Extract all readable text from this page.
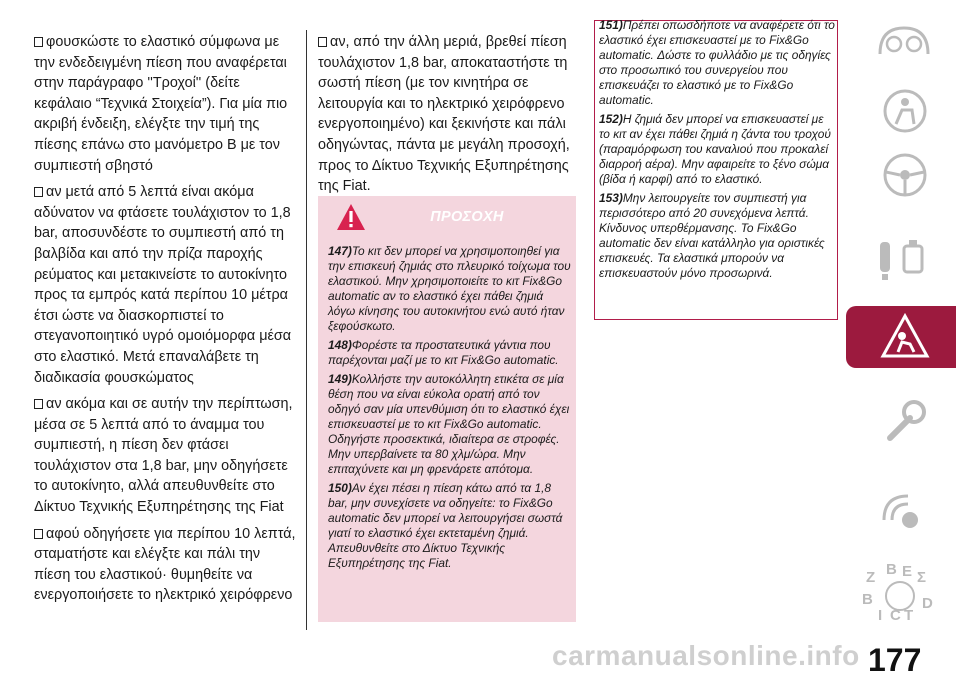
φουσκώστε το ελαστικό σύμφωνα με την ενδεδειγμένη πίεση που αναφέρεται στην παράγραφο ''Τροχοί'' (δείτε κεφάλαιο “Τεχνικά Στοιχεία”). Για μία πιο ακριβή ένδειξη, ελέγξτε την τιμή της πίεσης επάνω στο μανόμετρο B με τον συμπιεστή σβηστό

αν μετά από 5 λεπτά είναι ακόμα αδύνατον να φτάσετε τουλάχιστον το 1,8 bar, αποσυνδέστε το συμπιεστή από τη βαλβίδα και από την πρίζα παροχής ρεύματος και μετακινείστε το αυτοκίνητο προς τα εμπρός κατά περίπου 10 μέτρα έτσι ώστε να διασκορπιστεί το στεγανοποιητικό υγρό ομοιόμορφα μέσα στο ελαστικό. Μετά επαναλάβετε τη διαδικασία φουσκώματος

αν ακόμα και σε αυτήν την περίπτωση, μέσα σε 5 λεπτά από το άναμμα του συμπιεστή, η πίεση δεν φτάσει τουλάχιστον στα 1,8 bar, μην οδηγήσετε το αυτοκίνητο, αλλά απευθυνθείτε στο Δίκτυο Τεχνικής Εξυπηρέτησης της Fiat

αφού οδηγήσετε για περίπου 10 λεπτά, σταματήστε και ελέγξτε και πάλι την πίεση του ελαστικού· θυμηθείτε να ενεργοποιήσετε το ηλεκτρικό χειρόφρενο

αν, από την άλλη μεριά, βρεθεί πίεση τουλάχιστον 1,8 bar, αποκαταστήστε τη σωστή πίεση (με τον κινητήρα σε λειτουργία και το ηλεκτρικό χειρόφρενο ενεργοποιημένο) και ξεκινήστε και πάλι οδηγώντας, πάντα με μεγάλη προσοχή, προς το Δίκτυο Τεχνικής Εξυπηρέτησης της Fiat.

ΠΡΟΣΟΧΗ

147)Το κιτ δεν μπορεί να χρησιμοποιηθεί για την επισκευή ζημιάς στο πλευρικό τοίχωμα του ελαστικού. Μην χρησιμοποιείτε το κιτ Fix&Go automatic αν το ελαστικό έχει πάθει ζημιά λόγω κίνησης του αυτοκινήτου ενώ αυτό ήταν ξεφούσκωτο.

148)Φορέστε τα προστατευτικά γάντια που παρέχονται μαζί με το κιτ Fix&Go automatic.

149)Κολλήστε την αυτοκόλλητη ετικέτα σε μία θέση που να είναι εύκολα ορατή από τον οδηγό σαν μία υπενθύμιση ότι το ελαστικό έχει επισκευαστεί με το κιτ Fix&Go automatic. Οδηγήστε προσεκτικά, ιδιαίτερα σε στροφές. Μην υπερβαίνετε τα 80 χλμ/ώρα. Μην επιταχύνετε και μη φρενάρετε απότομα.

150)Αν έχει πέσει η πίεση κάτω από τα 1,8 bar, μην συνεχίσετε να οδηγείτε: το Fix&Go automatic δεν μπορεί να λειτουργήσει σωστά γιατί το ελαστικό έχει εκτεταμένη ζημιά. Απευθυνθείτε στο Δίκτυο Τεχνικής Εξυπηρέτησης της Fiat.

151)Πρέπει οπωσδήποτε να αναφέρετε ότι το ελαστικό έχει επισκευαστεί με το Fix&Go automatic. Δώστε το φυλλάδιο με τις οδηγίες στο προσωπικό του συνεργείου που επισκευάζει το ελαστικό με το Fix&Go automatic.

152)Η ζημιά δεν μπορεί να επισκευαστεί με το κιτ αν έχει πάθει ζημιά η ζάντα του τροχού (παραμόρφωση του καναλιού που προκαλεί διαρροή αέρα). Μην αφαιρείτε το ξένο σώμα (βίδα ή καρφί) από το ελαστικό.

153)Μην λειτουργείτε τον συμπιεστή για περισσότερο από 20 συνεχόμενα λεπτά. Κίνδυνος υπερθέρμανσης. Το Fix&Go automatic δεν είναι κατάλληλο για οριστικές επισκευές. Τα ελαστικά μπορούν να επισκευαστούν μόνο προσωρινά.

Z B E Σ
B	D
I C T
carmanualsonline.info 177
